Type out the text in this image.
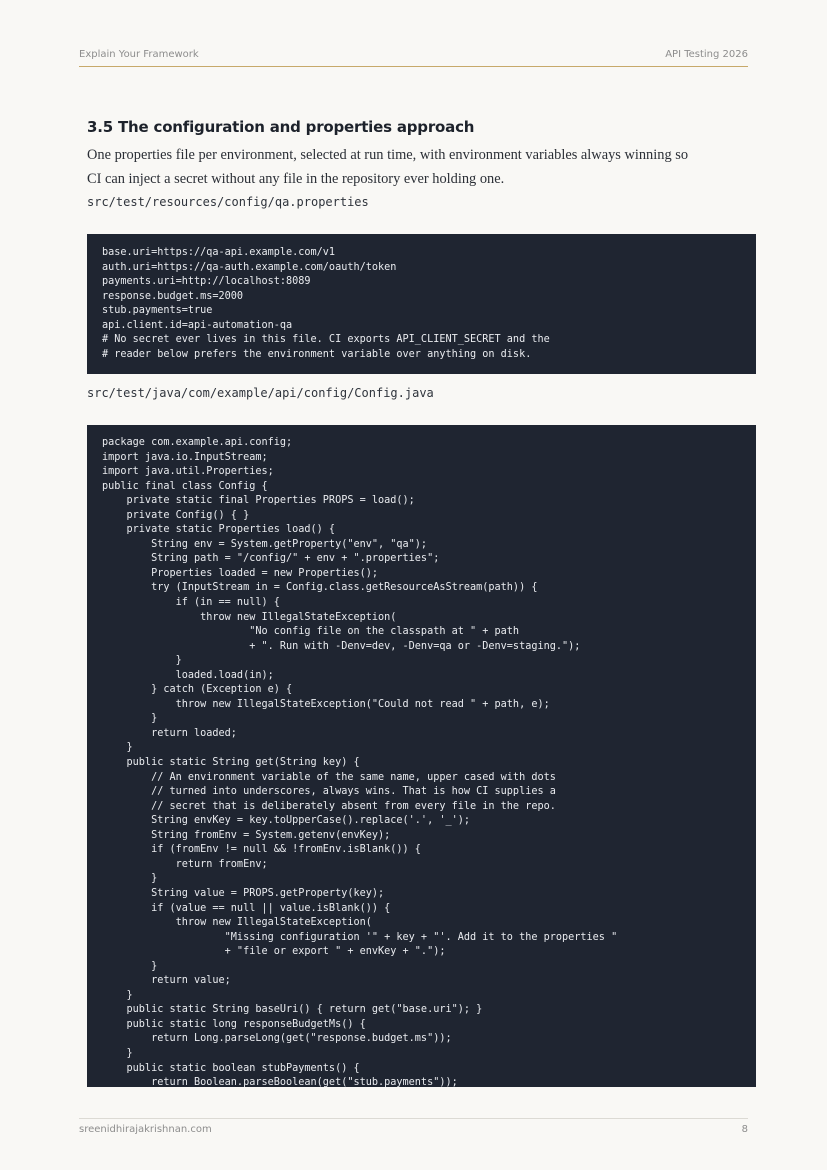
Explain Your Framework	API Testing 2026
3.5 The configuration and properties approach

One properties file per environment, selected at run time, with environment variables always winning so
CI can inject a secret without any file in the repository ever holding one.

src/test/resources/config/qa.properties
base.uri=https://qa-api.example.com/v1
auth.uri=https://qa-auth.example.com/oauth/token
payments.uri=http://localhost:8089
response.budget.ms=2000
stub.payments=true
api.client.id=api-automation-qa
# No secret ever lives in this file. CI exports API_CLIENT_SECRET and the
# reader below prefers the environment variable over anything on disk.
src/test/java/com/example/api/config/Config.java
package com.example.api.config;
import java.io.InputStream;
import java.util.Properties;
public final class Config {
private static final Properties PROPS = load();
private Config() { }
private static Properties load() {
String env = System.getProperty("env", "qa");
String path = "/config/" + env + ".properties";
Properties loaded = new Properties();
try (InputStream in = Config.class.getResourceAsStream(path)) {
if (in == null) {
throw new IllegalStateException(
"No config file on the classpath at " + path
+ ". Run with -Denv=dev, -Denv=qa or -Denv=staging.");
}
loaded.load(in);
} catch (Exception e) {
throw new IllegalStateException("Could not read " + path, e);
}
return loaded;
}
public static String get(String key) {
// An environment variable of the same name, upper cased with dots
// turned into underscores, always wins. That is how CI supplies a
// secret that is deliberately absent from every file in the repo.
String envKey = key.toUpperCase().replace('.', '_');
String fromEnv = System.getenv(envKey);
if (fromEnv != null && !fromEnv.isBlank()) {
return fromEnv;
}
String value = PROPS.getProperty(key);
if (value == null || value.isBlank()) {
throw new IllegalStateException(
"Missing configuration '" + key + "'. Add it to the properties "
+ "file or export " + envKey + ".");
}
return value;
}
public static String baseUri() { return get("base.uri"); }
public static long responseBudgetMs() {
return Long.parseLong(get("response.budget.ms"));
}
public static boolean stubPayments() {
return Boolean.parseBoolean(get("stub.payments"));
sreenidhirajakrishnan.com	8
